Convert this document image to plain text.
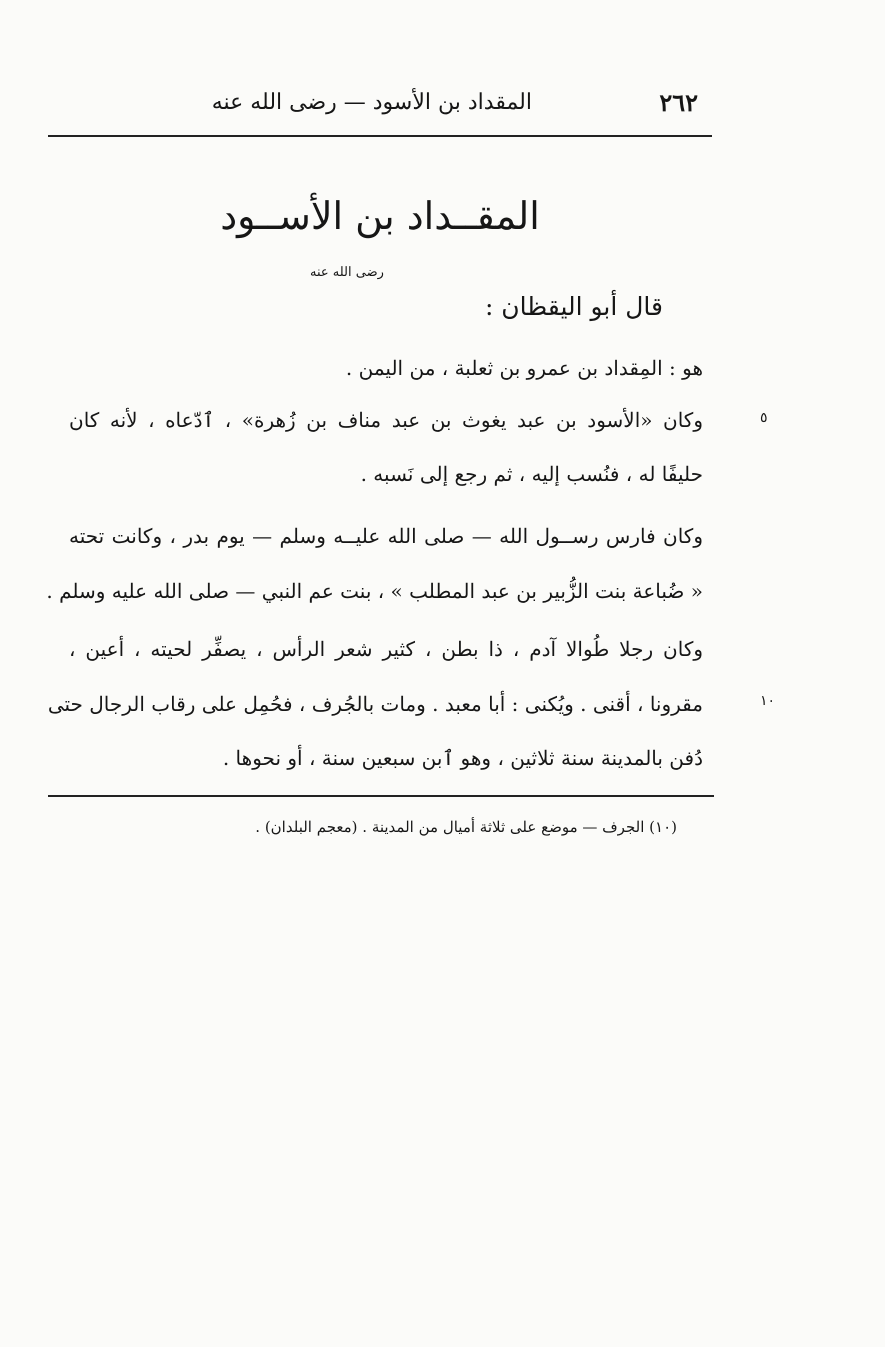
المقداد بن الأسود — رضى الله عنه	٢٦٢
المقــداد بن الأســود
رضى الله عنه
قال أبو اليقظان :
هو : المِقداد بن عمرو بن ثعلبة ، من اليمن .
وكان «الأسود بن عبد يغوث بن عبد مناف بن زُهرة» ، ٱدّعاه ، لأنه كان
حليفًا له ، فنُسب إليه ، ثم رجع إلى نَسبه .
وكان فارس رســول الله — صلى الله عليــه وسلم — يوم بدر ، وكانت تحته
« ضُباعة بنت الزُّبير بن عبد المطلب » ، بنت عم النبي — صلى الله عليه وسلم .
وكان رجلا طُوالا آدم ، ذا بطن ، كثير شعر الرأس ، يصفِّر لحيته ، أعين ،
مقرونا ، أقنى . ويُكنى : أبا معبد . ومات بالجُرف ، فحُمِل على رقاب الرجال حتى
دُفن بالمدينة سنة ثلاثين ، وهو ٱبن سبعين سنة ، أو نحوها .
٥
١٠
(١٠) الجرف — موضع على ثلاثة أميال من المدينة . (معجم البلدان) .
